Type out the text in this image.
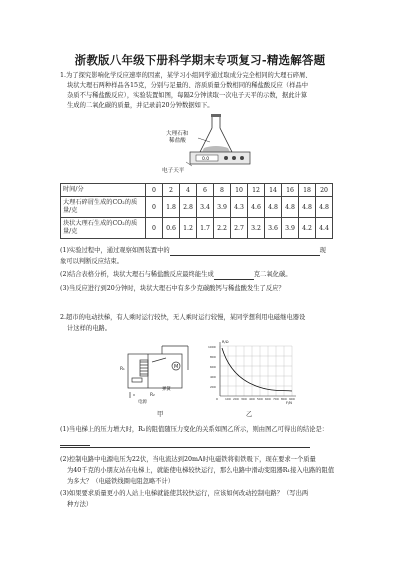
浙教版八年级下册科学期末专项复习-精选解答题

1.为了探究影响化学反应速率的因素，某学习小组同学通过取成分完全相同的大理石碎屑、

块状大理石两种样品各15克，分别与足量的、溶质质量分数相同的稀盐酸反应（样品中

杂质不与稀盐酸反应），实验装置如图，每隔2分钟读取一次电子天平的示数，据此计算

生成的二氧化碳的质量，并记录前20分钟数据如下。

大理石和
稀盐酸
0.0
电子天平
时间/分	0	2	4	6	8	10	12	14	16	18	20
大理石碎屑生成的CO₂的质量/克	0	1.8	2.8	3.4	3.9	4.3	4.6	4.8	4.8	4.8	4.8
块状大理石生成的CO₂的质量/克	0	0.6	1.2	1.7	2.2	2.7	3.2	3.6	3.9	4.2	4.4

(1)实验过程中，通过观察如图装置中的	现

象可以判断反应结束。

(2)结合表格分析，块状大理石与稀盐酸反应最终能生成	克二氧化碳。

(3)当反应进行到20分钟时，块状大理石中有多少克碳酸钙与稀盐酸发生了反应？

2.超市的电动扶梯，有人乘时运行较快，无人乘时运行较慢，某同学想利用电磁继电器设

计这样的电路。

M
R₁
R₂
电源
弹簧
R/Ω
F/N
1000
800
600
400
200
0 100 200 300 400 500 600 700 800 900

甲	乙

(1)当电梯上的压力增大时，R₂的阻值随压力变化的关系如图乙所示，则由图乙可得出的结论是：

(2)控制电路中电源电压为22伏，当电流达到20mA时电磁铁将衔铁吸下，现在要求一个质量

为40千克的小朋友站在电梯上，就能使电梯较快运行，那么电路中滑动变阻器R₁接入电路的阻值

为多大？（电磁铁线圈电阻忽略不计）

(3)如果要求质量更小的人站上电梯就能使其较快运行，应该如何改动控制电路？（写出两

种方法）
